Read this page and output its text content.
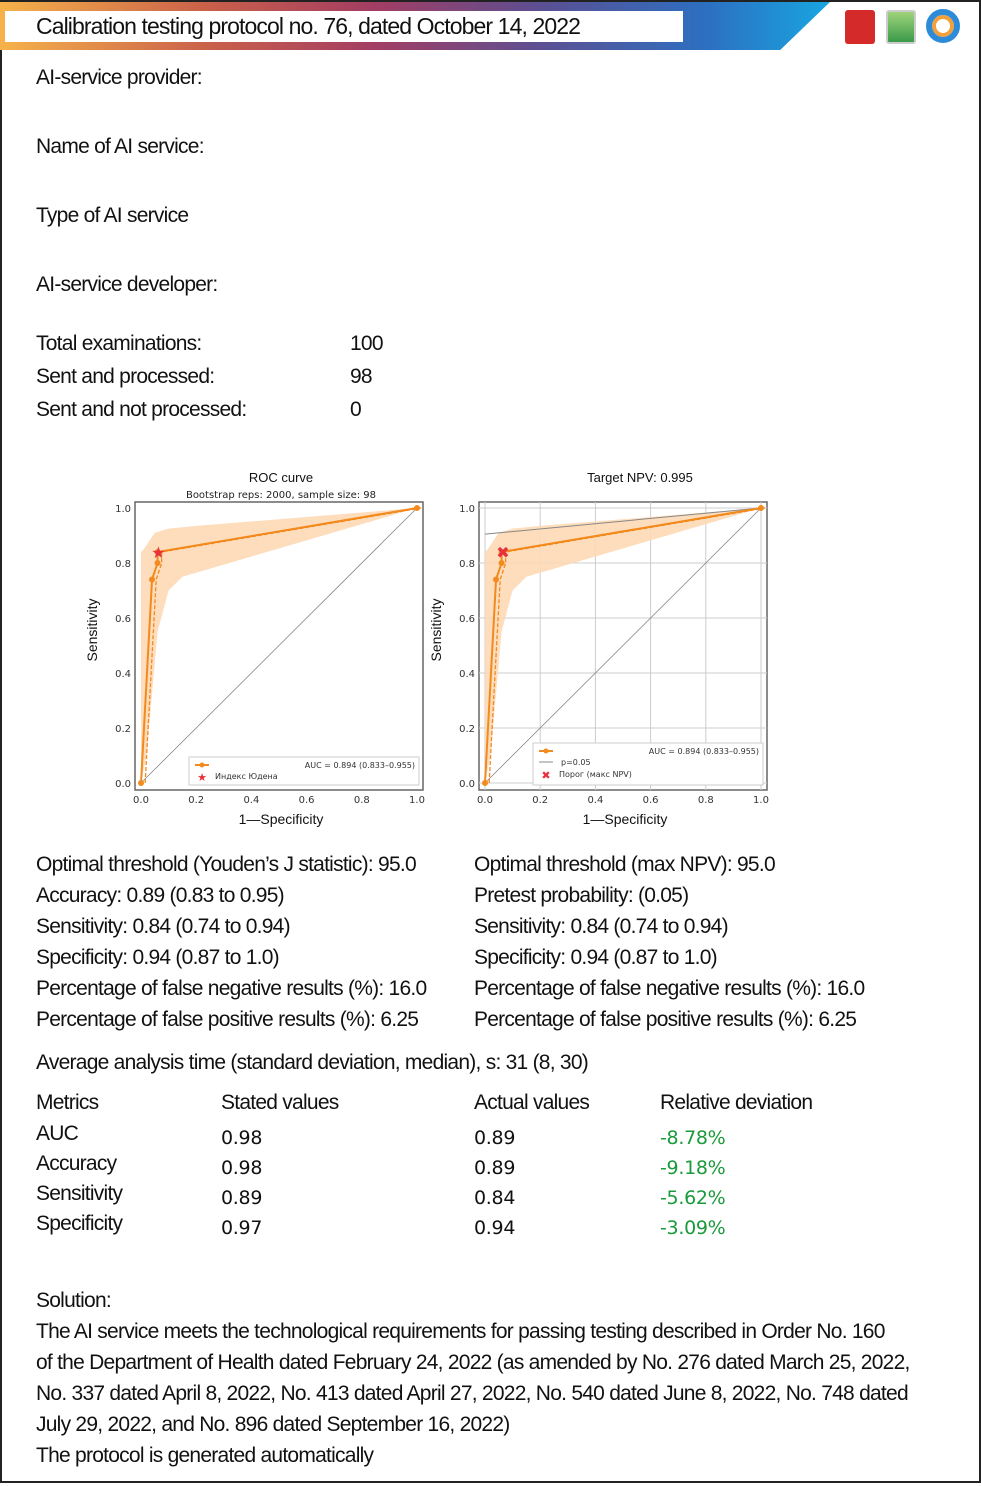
Calibration testing protocol no. 76, dated October 14, 2022
AI-service provider:
Name of AI service:
Type of AI service
AI-service developer:
Total examinations:	100
Sent and processed:	98
Sent and not processed:	0
0.0
0.0
0.2
0.2
0.4
0.4
0.6
0.6
0.8
0.8
1.0
1.0
★
AUC = 0.894 (0.833–0.955)
★ Индекс Юдена
ROC curve
Bootstrap reps: 2000, sample size: 98
1—Specificity
Sensitivity
0.0
0.0
0.2
0.2
0.4
0.4
0.6
0.6
0.8
0.8
1.0
1.0
✖
AUC = 0.894 (0.833–0.955)
p=0.05
✖ Порог (макс NPV)
Target NPV: 0.995
1—Specificity
Sensitivity
Optimal threshold (Youden’s J statistic): 95.0
Accuracy: 0.89 (0.83 to 0.95)
Sensitivity: 0.84 (0.74 to 0.94)
Specificity: 0.94 (0.87 to 1.0)
Percentage of false negative results (%): 16.0
Percentage of false positive results (%): 6.25
Optimal threshold (max NPV): 95.0
Pretest probability: (0.05)
Sensitivity: 0.84 (0.74 to 0.94)
Specificity: 0.94 (0.87 to 1.0)
Percentage of false negative results (%): 16.0
Percentage of false positive results (%): 6.25
Average analysis time (standard deviation, median), s: 31 (8, 30)
Metrics	Stated values	Actual values	Relative deviation
AUC	0.98	0.89	-8.78%
Accuracy	0.98	0.89	-9.18%
Sensitivity	0.89	0.84	-5.62%
Specificity	0.97	0.94	-3.09%
Solution:
The AI service meets the technological requirements for passing testing described in Order No. 160
of the Department of Health dated February 24, 2022 (as amended by No. 276 dated March 25, 2022,
No. 337 dated April 8, 2022, No. 413 dated April 27, 2022, No. 540 dated June 8, 2022, No. 748 dated
July 29, 2022, and No. 896 dated September 16, 2022)
The protocol is generated automatically
